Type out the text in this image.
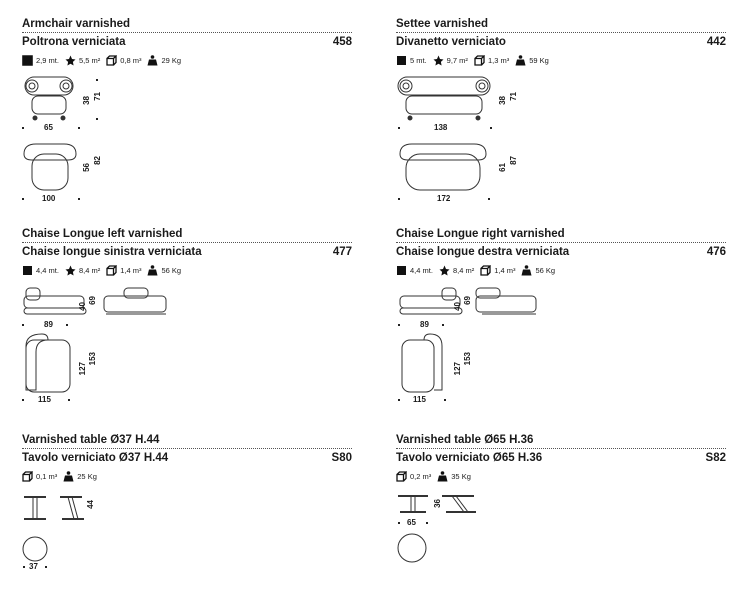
Armchair varnished
Poltrona verniciata	458
2,9 mt.	5,5 m²	0,8 m³	29 Kg
65
38 71
100
56
82
Settee varnished
Divanetto verniciato	442
5 mt.	9,7 m²	1,3 m³	59 Kg
138
38 71
172
61
87
Chaise Longue left varnished
Chaise longue sinistra verniciata	477
4,4 mt.	8,4 m²	1,4 m³	56 Kg
89
40
69
115
127
153
Chaise Longue right varnished
Chaise longue destra verniciata	476
4,4 mt.	8,4 m²	1,4 m³	56 Kg
89
40
69
115
127
153
Varnished table Ø37 H.44
Tavolo verniciato Ø37 H.44	S80
0,1 m³	25 Kg
44
37
Varnished table Ø65 H.36
Tavolo verniciato Ø65 H.36	S82
0,2 m³	35 Kg
65
36
